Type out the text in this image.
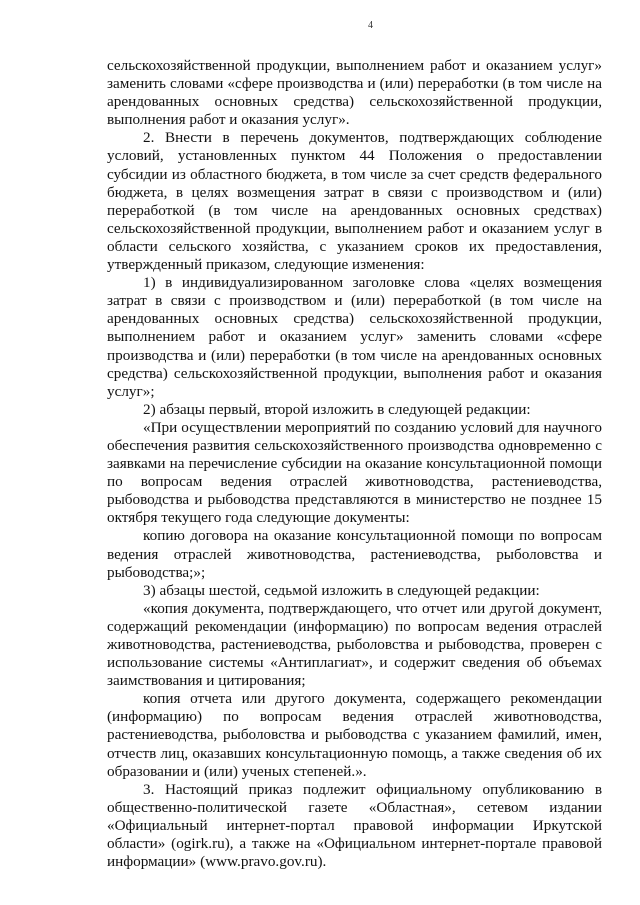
4

сельскохозяйственной продукции, выполнением работ и оказанием услуг» заменить словами «сфере производства и (или) переработки (в том числе на арендованных основных средства) сельскохозяйственной продукции, выполнения работ и оказания услуг».

2. Внести в перечень документов, подтверждающих соблюдение условий, установленных пунктом 44 Положения о предоставлении субсидии из областного бюджета, в том числе за счет средств федерального бюджета, в целях возмещения затрат в связи с производством и (или) переработкой (в том числе на арендованных основных средствах) сельскохозяйственной продукции, выполнением работ и оказанием услуг в области сельского хозяйства, с указанием сроков их предоставления, утвержденный приказом, следующие изменения:

1) в индивидуализированном заголовке слова «целях возмещения затрат в связи с производством и (или) переработкой (в том числе на арендованных основных средства) сельскохозяйственной продукции, выполнением работ и оказанием услуг» заменить словами «сфере производства и (или) переработки (в том числе на арендованных основных средства) сельскохозяйственной продукции, выполнения работ и оказания услуг»;

2) абзацы первый, второй изложить в следующей редакции:

«При осуществлении мероприятий по созданию условий для научного обеспечения развития сельскохозяйственного производства одновременно с заявками на перечисление субсидии на оказание консультационной помощи по вопросам ведения отраслей животноводства, растениеводства, рыбоводства и рыбоводства представляются в министерство не позднее 15 октября текущего года следующие документы:

копию договора на оказание консультационной помощи по вопросам ведения отраслей животноводства, растениеводства, рыболовства и рыбоводства;»;

3) абзацы шестой, седьмой изложить в следующей редакции:

«копия документа, подтверждающего, что отчет или другой документ, содержащий рекомендации (информацию) по вопросам ведения отраслей животноводства, растениеводства, рыболовства и рыбоводства, проверен с использование системы «Антиплагиат», и содержит сведения об объемах заимствования и цитирования;

копия отчета или другого документа, содержащего рекомендации (информацию) по вопросам ведения отраслей животноводства, растениеводства, рыболовства и рыбоводства с указанием фамилий, имен, отчеств лиц, оказавших консультационную помощь, а также сведения об их образовании и (или) ученых степеней.».

3. Настоящий приказ подлежит официальному опубликованию в общественно-политической газете «Областная», сетевом издании «Официальный интернет-портал правовой информации Иркутской области» (ogirk.ru), а также на «Официальном интернет-портале правовой информации» (www.pravo.gov.ru).
